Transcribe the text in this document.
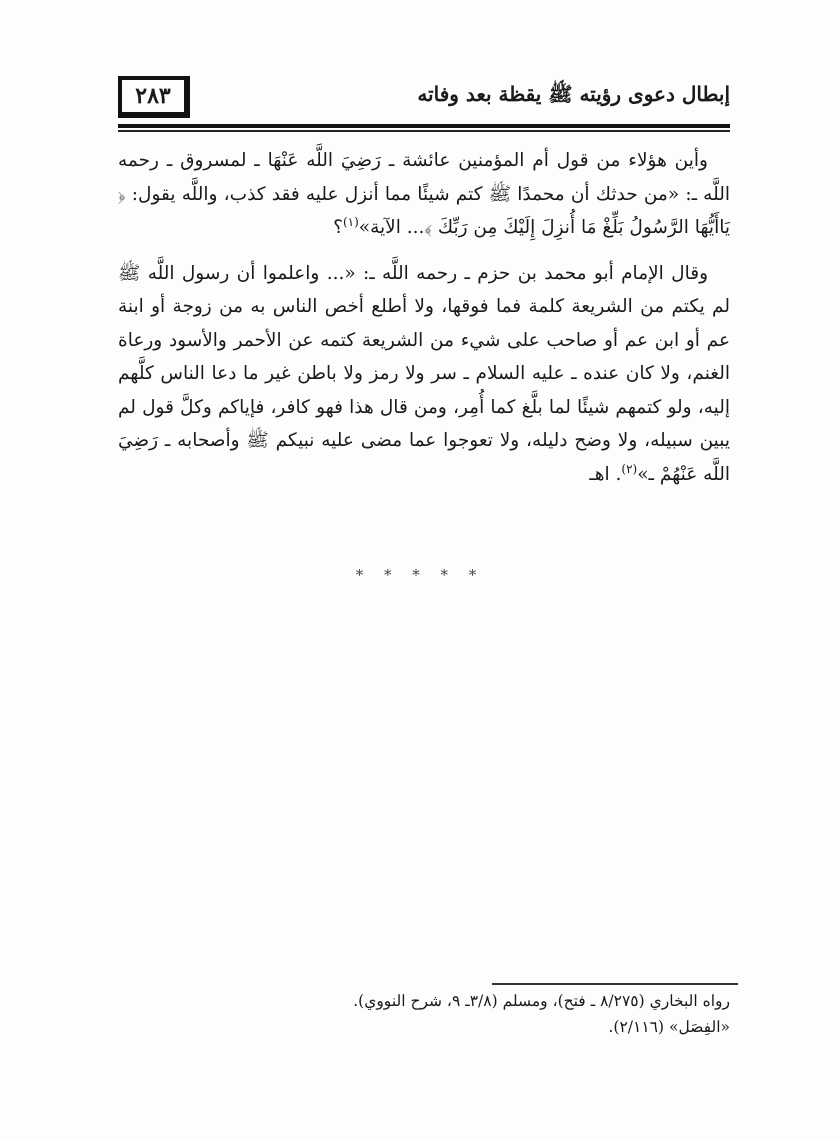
٢٨٣	إبطال دعوى رؤيته ﷺ يقظة بعد وفاته

وأين هؤلاء من قول أم المؤمنين عائشة ـ رَضِيَ اللَّه عَنْهَا ـ لمسروق ـ رحمه اللَّه ـ: «من حدثك أن محمدًا ﷺ كتم شيئًا مما أنزل عليه فقد كذب، واللَّه يقول: ﴿ يَاأَيُّهَا الرَّسُولُ بَلِّغْ مَا أُنزِلَ إِلَيْكَ مِن رَبِّكَ ﴾... الآية»$^{(١)}$؟

وقال الإمام أبو محمد بن حزم ـ رحمه اللَّه ـ: «... واعلموا أن رسول اللَّه ﷺ لم يكتم من الشريعة كلمة فما فوقها، ولا أطلع أخص الناس به من زوجة أو ابنة عم أو ابن عم أو صاحب على شيء من الشريعة كتمه عن الأحمر والأسود ورعاة الغنم، ولا كان عنده ـ عليه السلام ـ سر ولا رمز ولا باطن غير ما دعا الناس كلَّهم إليه، ولو كتمهم شيئًا لما بلَّغ كما أُمِر، ومن قال هذا فهو كافر، فإياكم وكلَّ قول لم يبين سبيله، ولا وضح دليله، ولا تعوجوا عما مضى عليه نبيكم ﷺ وأصحابه ـ رَضِيَ اللَّه عَنْهُمْ ـ»$^{(٢)}$. اهـ

* * * * *

رواه البخاري (٨/٢٧٥ ـ فتح)، ومسلم (٣/٨ـ ٩، شرح النووي).

«الفِصَل» (٢/١١٦).
